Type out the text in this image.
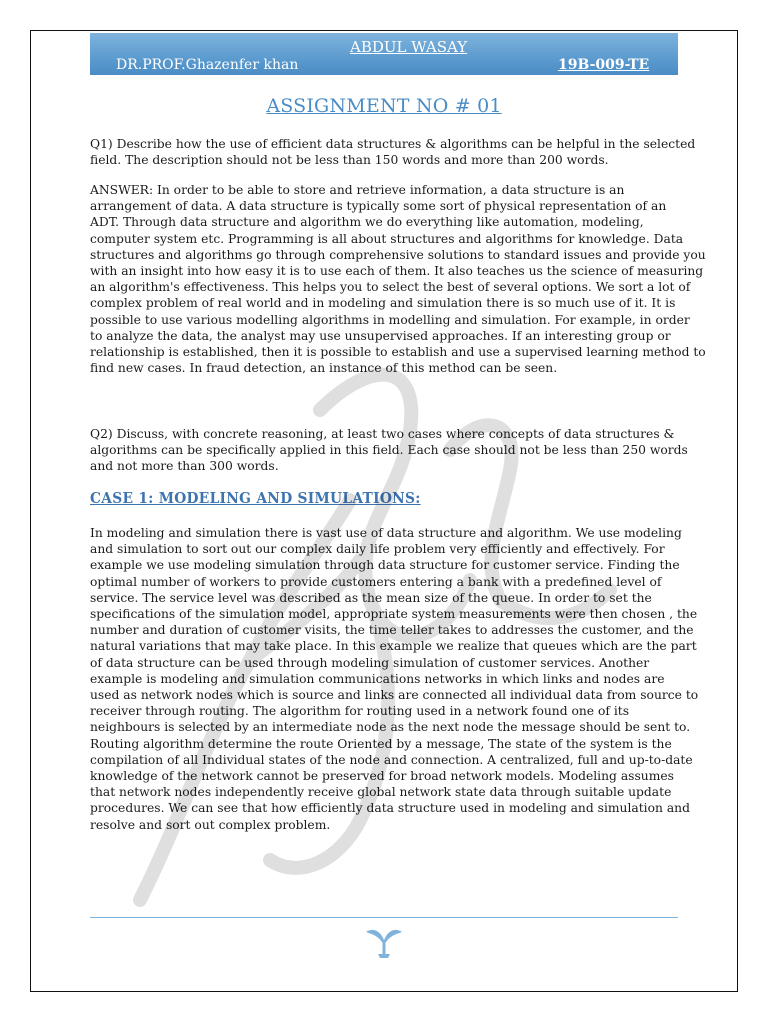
ABDUL WASAY
DR.PROF.Ghazenfer khan	19B-009-TE
ASSIGNMENT NO # 01

Q1) Describe how the use of efficient data structures & algorithms can be helpful in the selected
field. The description should not be less than 150 words and more than 200 words.

ANSWER: In order to be able to store and retrieve information, a data structure is an
arrangement of data. A data structure is typically some sort of physical representation of an
ADT. Through data structure and algorithm we do everything like automation, modeling,
computer system etc. Programming is all about structures and algorithms for knowledge. Data
structures and algorithms go through comprehensive solutions to standard issues and provide you
with an insight into how easy it is to use each of them. It also teaches us the science of measuring
an algorithm's effectiveness. This helps you to select the best of several options. We sort a lot of
complex problem of real world and in modeling and simulation there is so much use of it. It is
possible to use various modelling algorithms in modelling and simulation. For example, in order
to analyze the data, the analyst may use unsupervised approaches. If an interesting group or
relationship is established, then it is possible to establish and use a supervised learning method to
find new cases. In fraud detection, an instance of this method can be seen.

Q2) Discuss, with concrete reasoning, at least two cases where concepts of data structures &
algorithms can be specifically applied in this field. Each case should not be less than 250 words
and not more than 300 words.

CASE 1: MODELING AND SIMULATIONS:

In modeling and simulation there is vast use of data structure and algorithm. We use modeling
and simulation to sort out our complex daily life problem very efficiently and effectively. For
example we use modeling simulation through data structure for customer service. Finding the
optimal number of workers to provide customers entering a bank with a predefined level of
service. The service level was described as the mean size of the queue. In order to set the
specifications of the simulation model, appropriate system measurements were then chosen , the
number and duration of customer visits, the time teller takes to addresses the customer, and the
natural variations that may take place. In this example we realize that queues which are the part
of data structure can be used through modeling simulation of customer services. Another
example is modeling and simulation communications networks in which links and nodes are
used as network nodes which is source and links are connected all individual data from source to
receiver through routing. The algorithm for routing used in a network found one of its
neighbours is selected by an intermediate node as the next node the message should be sent to.
Routing algorithm determine the route Oriented by a message, The state of the system is the
compilation of all Individual states of the node and connection. A centralized, full and up-to-date
knowledge of the network cannot be preserved for broad network models. Modeling assumes
that network nodes independently receive global network state data through suitable update
procedures. We can see that how efficiently data structure used in modeling and simulation and
resolve and sort out complex problem.
